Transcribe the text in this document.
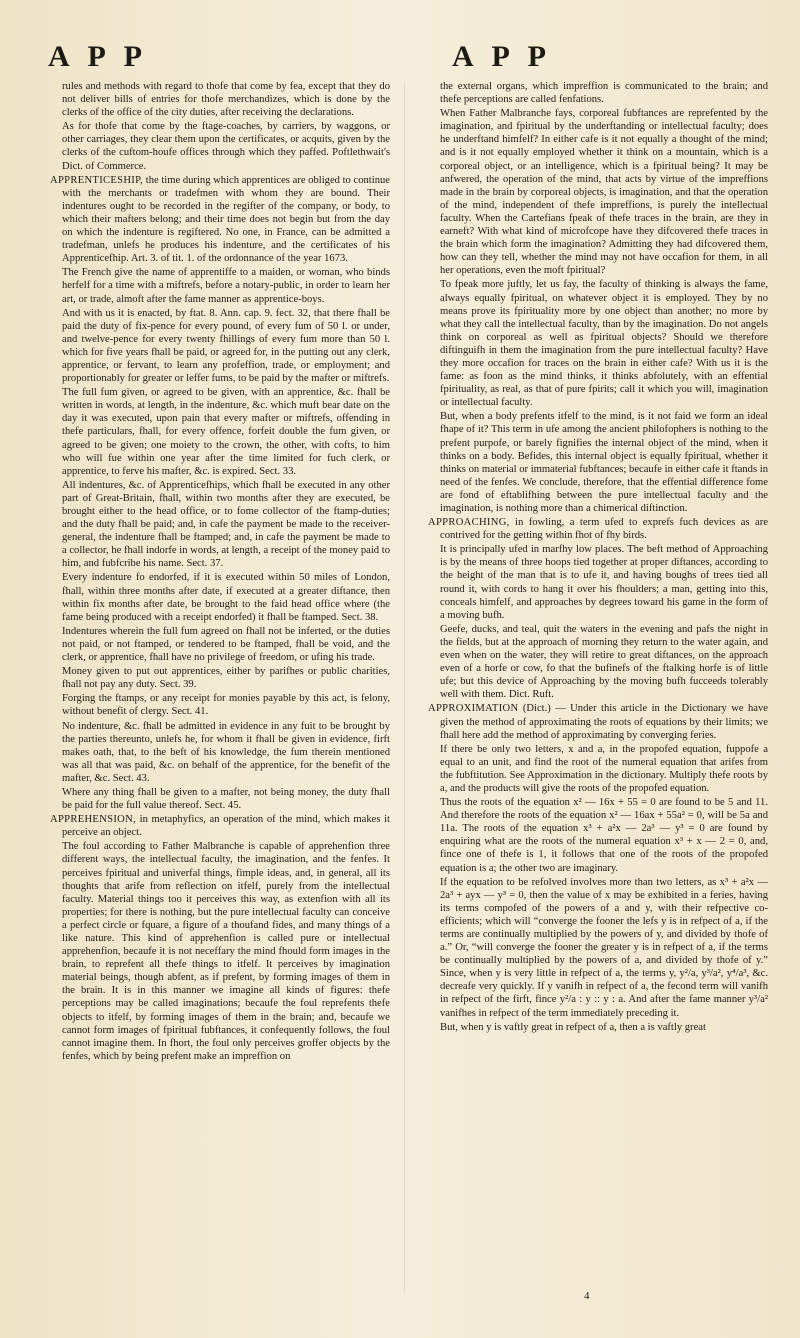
A P P	A P P

rules and methods with regard to thofe that come by fea, except that they do not deliver bills of entries for thofe merchandizes, which is done by the clerks of the office of the city duties, after receiving the declarations.

As for thofe that come by the ftage-coaches, by carriers, by waggons, or other carriages, they clear them upon the certificates, or acquits, given by the clerks of the cuftom-houfe offices through which they paffed. Poftlethwait's Dict. of Commerce.

APPRENTICESHIP, the time during which apprentices are obliged to continue with the merchants or tradefmen with whom they are bound. Their indentures ought to be recorded in the regifter of the company, or body, to which their mafters belong; and their time does not begin but from the day on which the indenture is regiftered. No one, in France, can be admitted a tradefman, unlefs he produces his indenture, and the certificates of his Apprenticefhip. Art. 3. of tit. 1. of the ordonnance of the year 1673.

The French give the name of apprentiffe to a maiden, or woman, who binds herfelf for a time with a miftrefs, before a notary-public, in order to learn her art, or trade, almoft after the fame manner as apprentice-boys.

And with us it is enacted, by ftat. 8. Ann. cap. 9. fect. 32, that there fhall be paid the duty of fix-pence for every pound, of every fum of 50 l. or under, and twelve-pence for every twenty fhillings of every fum more than 50 l. which for five years fhall be paid, or agreed for, in the putting out any clerk, apprentice, or fervant, to learn any profeffion, trade, or employment; and proportionably for greater or leffer fums, to be paid by the mafter or miftrefs.

The full fum given, or agreed to be given, with an apprentice, &c. fhall be written in words, at length, in the indenture, &c. which muft bear date on the day it was executed, upon pain that every mafter or miftrefs, offending in thefe particulars, fhall, for every offence, forfeit double the fum given, or agreed to be given; one moiety to the crown, the other, with cofts, to him who will fue within one year after the time limited for fuch clerk, or apprentice, to ferve his mafter, &c. is expired. Sect. 33.

All indentures, &c. of Apprenticefhips, which fhall be executed in any other part of Great-Britain, fhall, within two months after they are executed, be brought either to the head office, or to fome collector of the ftamp-duties; and the duty fhall be paid; and, in cafe the payment be made to the receiver-general, the indenture fhall be ftamped; and, in cafe the payment be made to a collector, he fhall indorfe in words, at length, a receipt of the money paid to him, and fubfcribe his name. Sect. 37.

Every indenture fo endorfed, if it is executed within 50 miles of London, fhall, within three months after date, if executed at a greater diftance, then within fix months after date, be brought to the faid head office where (the fame being produced with a receipt endorfed) it fhall be ftamped. Sect. 38.

Indentures wherein the full fum agreed on fhall not be inferted, or the duties not paid, or not ftamped, or tendered to be ftamped, fhall be void, and the clerk, or apprentice, fhall have no privilege of freedom, or ufing his trade.

Money given to put out apprentices, either by parifhes or public charities, fhall not pay any duty. Sect. 39.

Forging the ftamps, or any receipt for monies payable by this act, is felony, without benefit of clergy. Sect. 41.

No indenture, &c. fhall be admitted in evidence in any fuit to be brought by the parties thereunto, unlefs he, for whom it fhall be given in evidence, firft makes oath, that, to the beft of his knowledge, the fum therein mentioned was all that was paid, &c. on behalf of the apprentice, for the benefit of the mafter, &c. Sect. 43.

Where any thing fhall be given to a mafter, not being money, the duty fhall be paid for the full value thereof. Sect. 45.

APPREHENSION, in metaphyfics, an operation of the mind, which makes it perceive an object.

The foul according to Father Malbranche is capable of apprehenfion three different ways, the intellectual faculty, the imagination, and the fenfes. It perceives fpiritual and univerfal things, fimple ideas, and, in general, all its thoughts that arife from reflection on itfelf, purely from the intellectual faculty. Material things too it perceives this way, as extenfion with all its properties; for there is nothing, but the pure intellectual faculty can conceive a perfect circle or fquare, a figure of a thoufand fides, and many things of a like nature. This kind of apprehenfion is called pure or intellectual apprehenfion, becaufe it is not neceffary the mind fhould form images in the brain, to reprefent all thefe things to itfelf. It perceives by imagination material beings, though abfent, as if prefent, by forming images of them in the brain. It is in this manner we imagine all kinds of figures: thefe perceptions may be called imaginations; becaufe the foul reprefents thefe objects to itfelf, by forming images of them in the brain; and, becaufe we cannot form images of fpiritual fubftances, it confequently follows, the foul cannot imagine them. In fhort, the foul only perceives groffer objects by the fenfes, which by being prefent make an impreffion on

the external organs, which impreffion is communicated to the brain; and thefe perceptions are called fenfations.

When Father Malbranche fays, corporeal fubftances are reprefented by the imagination, and fpiritual by the underftanding or intellectual faculty; does he underftand himfelf? In either cafe is it not equally a thought of the mind; and is it not equally employed whether it think on a mountain, which is a corporeal object, or an intelligence, which is a fpiritual being? It may be anfwered, the operation of the mind, that acts by virtue of the impreffions made in the brain by corporeal objects, is imagination, and that the operation of the mind, independent of thefe impreffions, is purely the intellectual faculty. When the Cartefians fpeak of thefe traces in the brain, are they in earneft? With what kind of microfcope have they difcovered thefe traces in the brain which form the imagination? Admitting they had difcovered them, how can they tell, whether the mind may not have occafion for them, in all her operations, even the moft fpiritual?

To fpeak more juftly, let us fay, the faculty of thinking is always the fame, always equally fpiritual, on whatever object it is employed. They by no means prove its fpirituality more by one object than another; no more by what they call the intellectual faculty, than by the imagination. Do not angels think on corporeal as well as fpiritual objects? Should we therefore diftinguifh in them the imagination from the pure intellectual faculty? Have they more occafion for traces on the brain in either cafe? With us it is the fame: as foon as the mind thinks, it thinks abfolutely, with an effential fpirituality, as real, as that of pure fpirits; call it which you will, imagination or intellectual faculty.

But, when a body prefents itfelf to the mind, is it not faid we form an ideal fhape of it? This term in ufe among the ancient philofophers is nothing to the prefent purpofe, or barely fignifies the internal object of the mind, when it thinks on a body. Befides, this internal object is equally fpiritual, whether it thinks on material or immaterial fubftances; becaufe in either cafe it ftands in need of the fenfes. We conclude, therefore, that the effential difference fome are fond of eftablifhing between the pure intellectual faculty and the imagination, is nothing more than a chimerical diftinction.

APPROACHING, in fowling, a term ufed to exprefs fuch devices as are contrived for the getting within fhot of fhy birds.

It is principally ufed in marfhy low places. The beft method of Approaching is by the means of three hoops tied together at proper diftances, according to the height of the man that is to ufe it, and having boughs of trees tied all round it, with cords to hang it over his fhoulders; a man, getting into this, conceals himfelf, and approaches by degrees toward his game in the form of a moving bufh.

Geefe, ducks, and teal, quit the waters in the evening and pafs the night in the fields, but at the approach of morning they return to the water again, and even when on the water, they will retire to great diftances, on the approach even of a horfe or cow, fo that the bufinefs of the ftalking horfe is of little ufe; but this device of Approaching by the moving bufh fucceeds tolerably well with them. Dict. Ruft.

APPROXIMATION (Dict.) — Under this article in the Dictionary we have given the method of approximating the roots of equations by their limits; we fhall here add the method of approximating by converging feries.

If there be only two letters, x and a, in the propofed equation, fuppofe a equal to an unit, and find the root of the numeral equation that arifes from the fubftitution. See Approximation in the dictionary. Multiply thefe roots by a, and the products will give the roots of the propofed equation.

Thus the roots of the equation x² — 16x + 55 = 0 are found to be 5 and 11. And therefore the roots of the equation x² — 16ax + 55a² = 0, will be 5a and 11a. The roots of the equation x³ + a²x — 2a³ — y³ = 0 are found by enquiring what are the roots of the numeral equation x³ + x — 2 = 0, and, fince one of thefe is 1, it follows that one of the roots of the propofed equation is a; the other two are imaginary.

If the equation to be refolved involves more than two letters, as x³ + a²x — 2a³ + ayx — y³ = 0, then the value of x may be exhibited in a feries, having its terms compofed of the powers of a and y, with their refpective co-efficients; which will “converge the fooner the lefs y is in refpect of a, if the terms are continually multiplied by the powers of y, and divided by thofe of a.” Or, “will converge the fooner the greater y is in refpect of a, if the terms be continually multiplied by the powers of a, and divided by thofe of y.” Since, when y is very little in refpect of a, the terms y, y²/a, y³/a², y⁴/a³, &c. decreafe very quickly. If y vanifh in refpect of a, the fecond term will vanifh in refpect of the firft, fince y²/a : y :: y : a. And after the fame manner y³/a² vanifhes in refpect of the term immediately preceding it.

But, when y is vaftly great in refpect of a, then a is vaftly great

4
